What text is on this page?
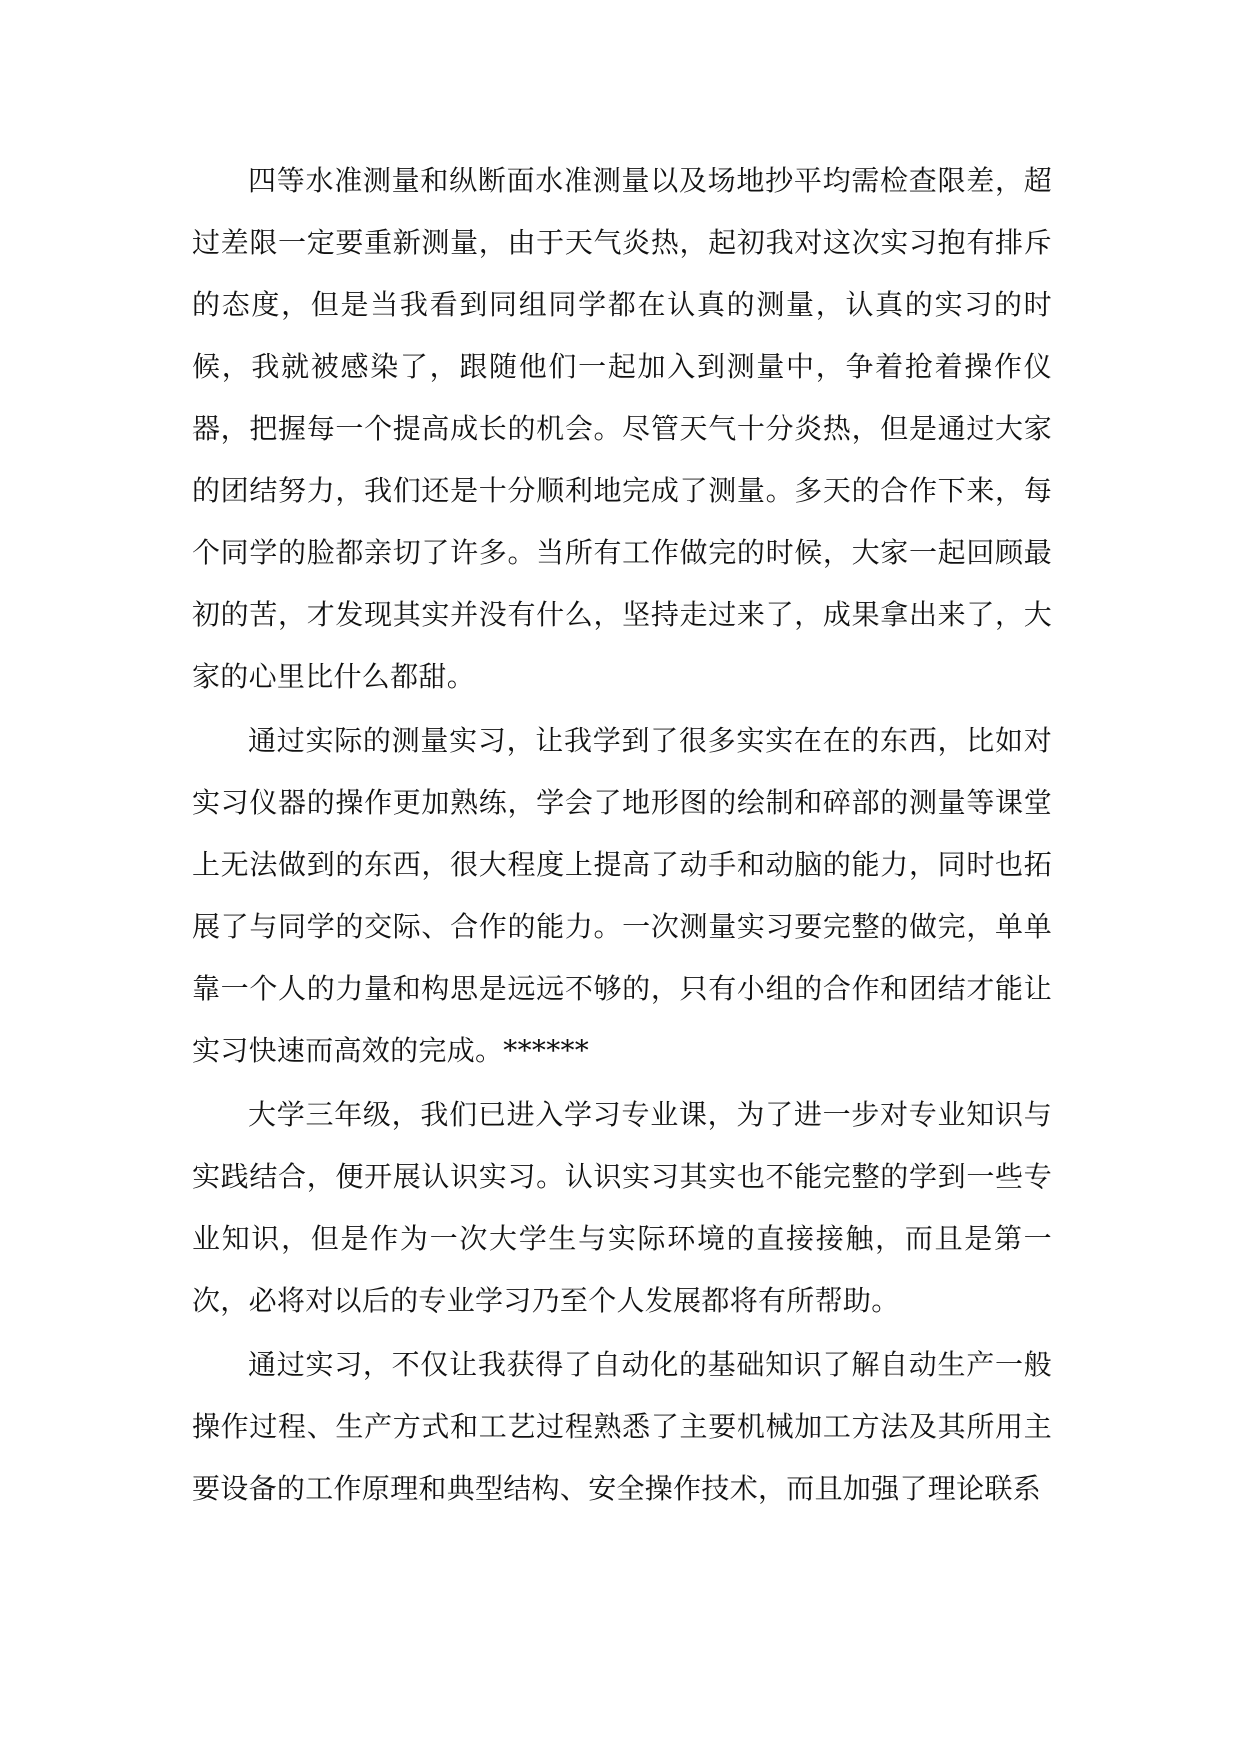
四等水准测量和纵断面水准测量以及场地抄平均需检查限差，超过差限一定要重新测量，由于天气炎热，起初我对这次实习抱有排斥的态度，但是当我看到同组同学都在认真的测量，认真的实习的时候，我就被感染了，跟随他们一起加入到测量中，争着抢着操作仪器，把握每一个提高成长的机会。尽管天气十分炎热，但是通过大家的团结努力，我们还是十分顺利地完成了测量。多天的合作下来，每个同学的脸都亲切了许多。当所有工作做完的时候，大家一起回顾最初的苦，才发现其实并没有什么，坚持走过来了，成果拿出来了，大家的心里比什么都甜。

通过实际的测量实习，让我学到了很多实实在在的东西，比如对实习仪器的操作更加熟练，学会了地形图的绘制和碎部的测量等课堂上无法做到的东西，很大程度上提高了动手和动脑的能力，同时也拓展了与同学的交际、合作的能力。一次测量实习要完整的做完，单单靠一个人的力量和构思是远远不够的，只有小组的合作和团结才能让实习快速而高效的完成。******

大学三年级，我们已进入学习专业课，为了进一步对专业知识与实践结合，便开展认识实习。认识实习其实也不能完整的学到一些专业知识，但是作为一次大学生与实际环境的直接接触，而且是第一次，必将对以后的专业学习乃至个人发展都将有所帮助。

通过实习，不仅让我获得了自动化的基础知识了解自动生产一般操作过程、生产方式和工艺过程熟悉了主要机械加工方法及其所用主要设备的工作原理和典型结构、安全操作技术，而且加强了理论联系
